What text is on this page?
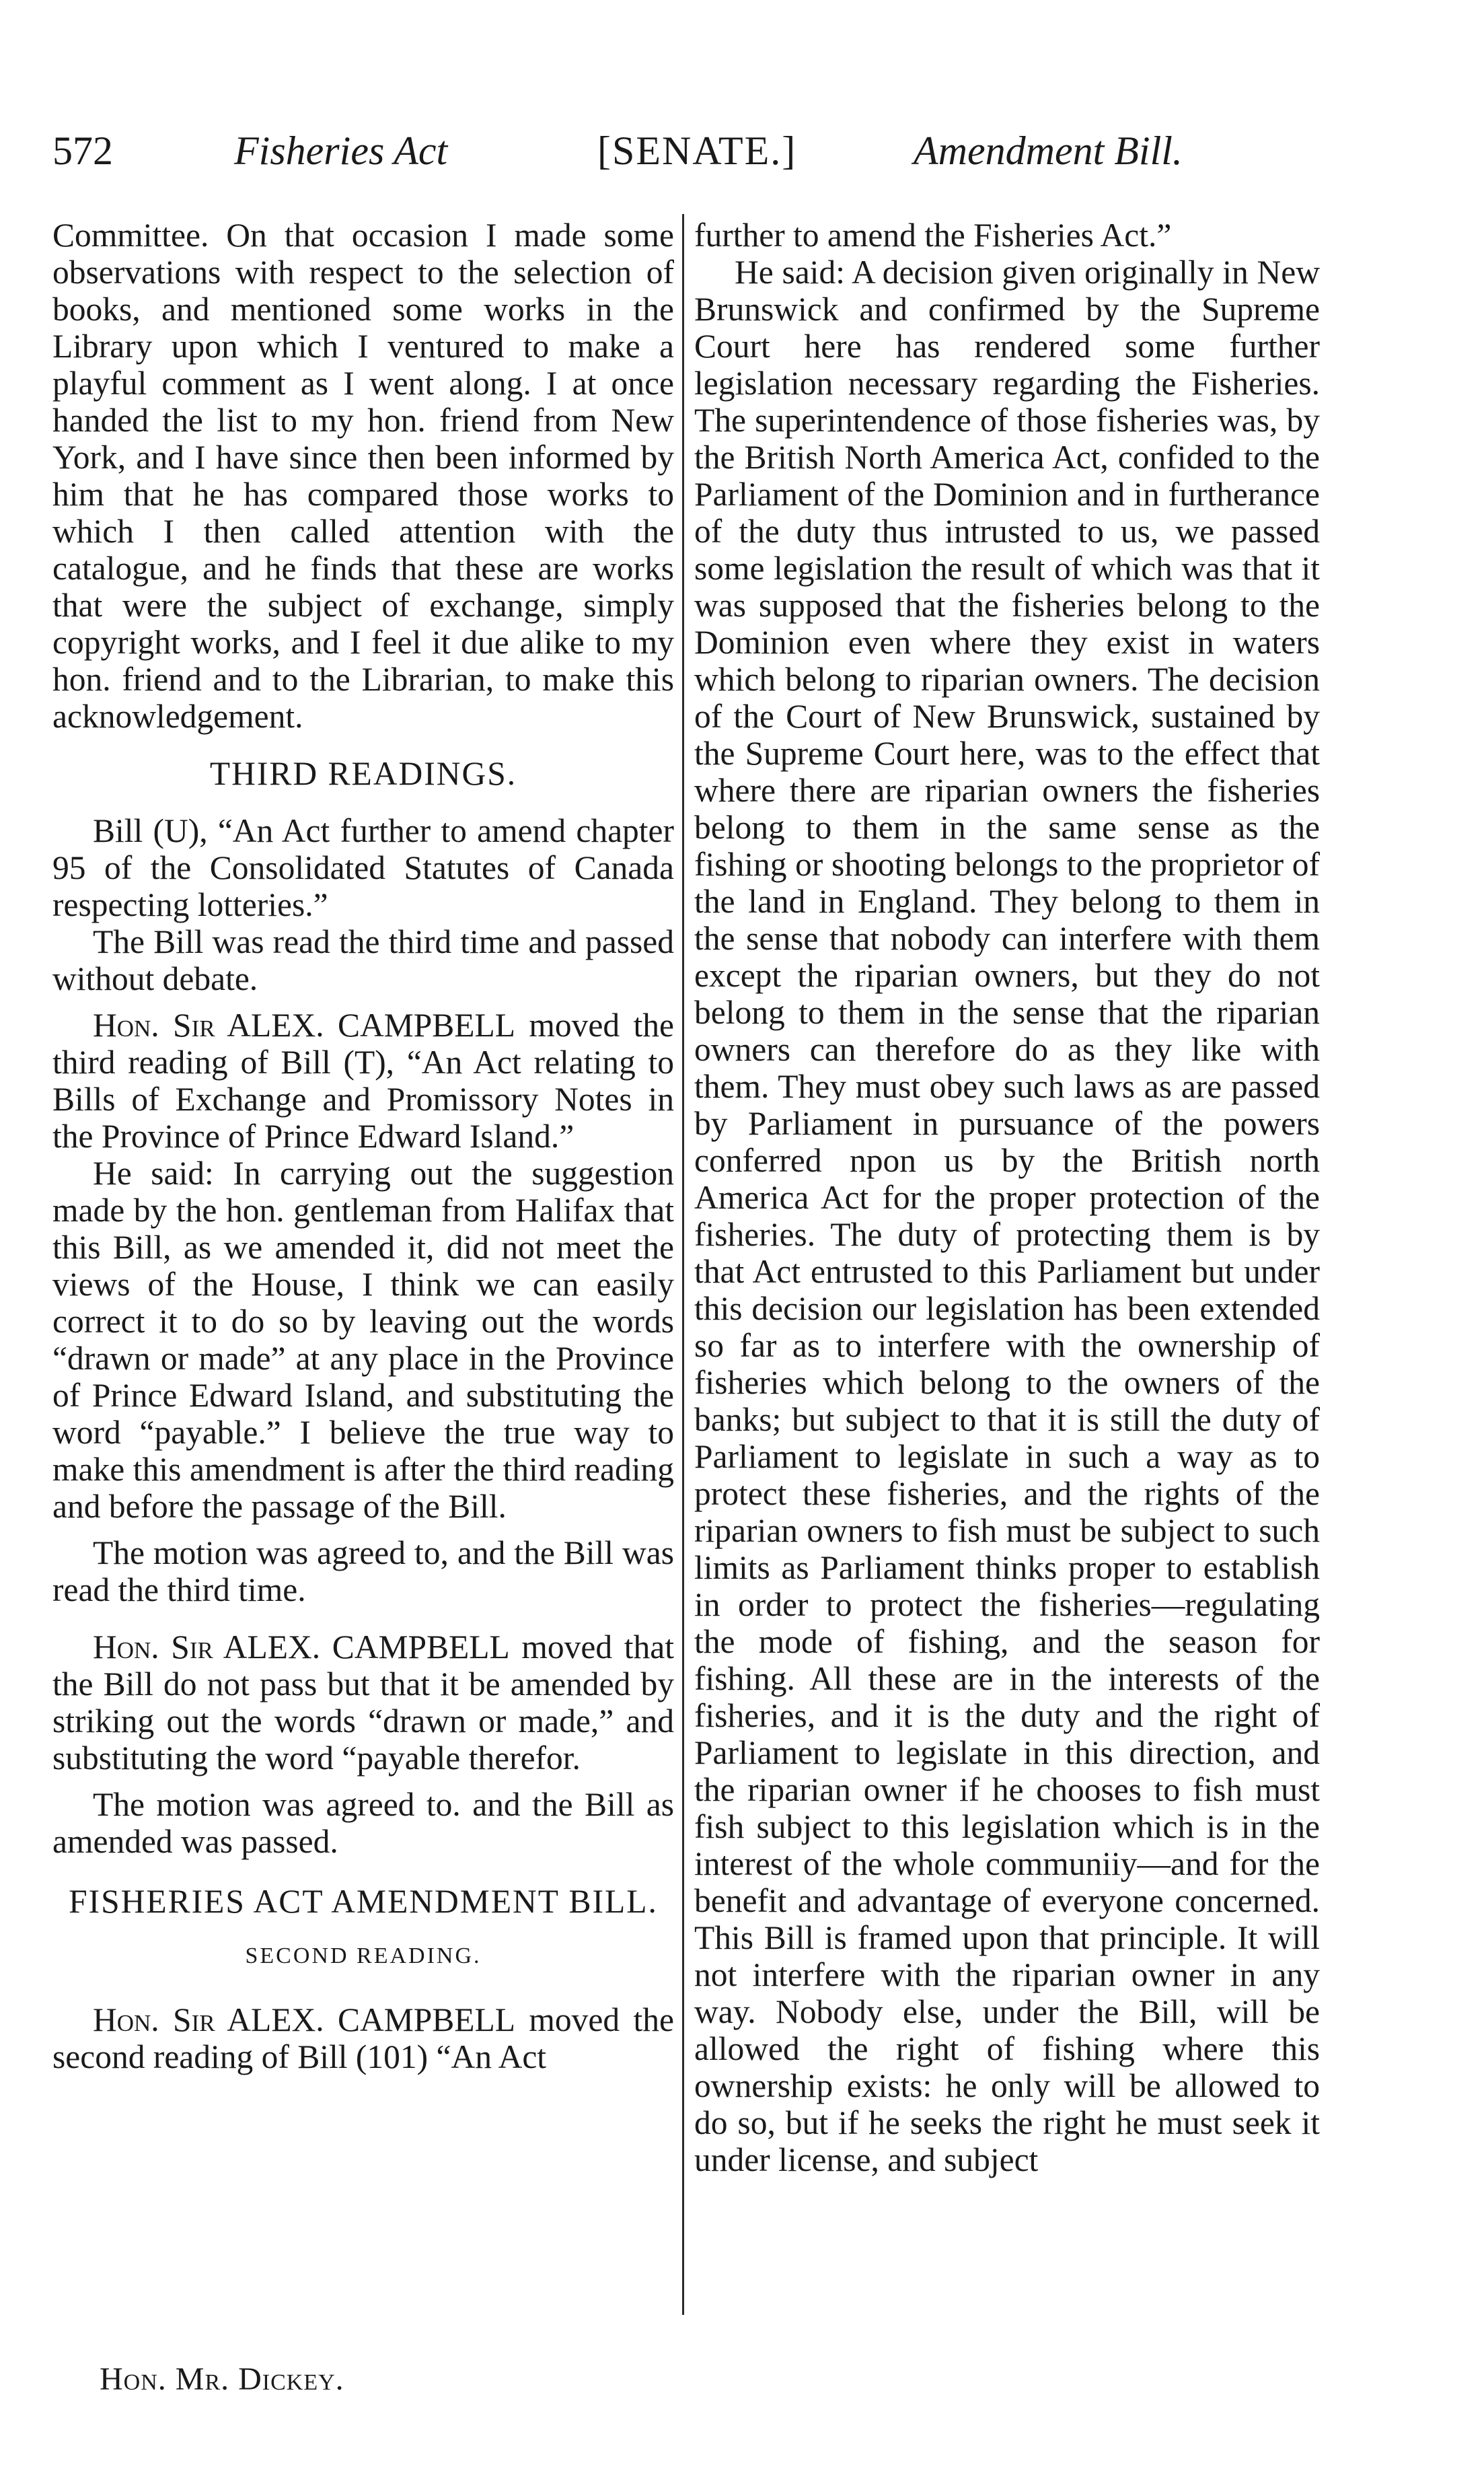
572	Fisheries Act	[SENATE.]	Amendment Bill.

Committee. On that occasion I made some observations with respect to the selection of books, and mentioned some works in the Library upon which I ventured to make a playful comment as I went along. I at once handed the list to my hon. friend from New York, and I have since then been informed by him that he has compared those works to which I then called attention with the catalogue, and he finds that these are works that were the subject of exchange, simply copyright works, and I feel it due alike to my hon. friend and to the Librarian, to make this acknowledgement.

THIRD READINGS.

Bill (U), “An Act further to amend chapter 95 of the Consolidated Statutes of Canada respecting lotteries.”

The Bill was read the third time and passed without debate.

Hon. Sir ALEX. CAMPBELL moved the third reading of Bill (T), “An Act relating to Bills of Exchange and Promissory Notes in the Province of Prince Edward Island.”

He said: In carrying out the suggestion made by the hon. gentleman from Halifax that this Bill, as we amended it, did not meet the views of the House, I think we can easily correct it to do so by leaving out the words “drawn or made” at any place in the Province of Prince Edward Island, and substituting the word “payable.” I believe the true way to make this amendment is after the third reading and before the passage of the Bill.

The motion was agreed to, and the Bill was read the third time.

Hon. Sir ALEX. CAMPBELL moved that the Bill do not pass but that it be amended by striking out the words “drawn or made,” and substituting the word “payable therefor.

The motion was agreed to. and the Bill as amended was passed.

FISHERIES ACT AMENDMENT BILL.

SECOND READING.

Hon. Sir ALEX. CAMPBELL moved the second reading of Bill (101) “An Act

further to amend the Fisheries Act.”

He said: A decision given originally in New Brunswick and confirmed by the Supreme Court here has rendered some further legislation necessary regarding the Fisheries. The superintendence of those fisheries was, by the British North America Act, confided to the Parliament of the Dominion and in furtherance of the duty thus intrusted to us, we passed some legislation the result of which was that it was supposed that the fisheries belong to the Dominion even where they exist in waters which belong to riparian owners. The decision of the Court of New Brunswick, sustained by the Supreme Court here, was to the effect that where there are riparian owners the fisheries belong to them in the same sense as the fishing or shooting belongs to the proprietor of the land in England. They belong to them in the sense that nobody can interfere with them except the riparian owners, but they do not belong to them in the sense that the riparian owners can therefore do as they like with them. They must obey such laws as are passed by Parliament in pursuance of the powers conferred npon us by the British north America Act for the proper protection of the fisheries. The duty of protecting them is by that Act entrusted to this Parliament but under this decision our legislation has been extended so far as to interfere with the ownership of fisheries which belong to the owners of the banks; but subject to that it is still the duty of Parliament to legislate in such a way as to protect these fisheries, and the rights of the riparian owners to fish must be subject to such limits as Parliament thinks proper to establish in order to protect the fisheries—regulating the mode of fishing, and the season for fishing. All these are in the interests of the fisheries, and it is the duty and the right of Parliament to legislate in this direction, and the riparian owner if he chooses to fish must fish subject to this legislation which is in the interest of the whole communiiy—and for the benefit and advantage of everyone concerned. This Bill is framed upon that principle. It will not interfere with the riparian owner in any way. Nobody else, under the Bill, will be allowed the right of fishing where this ownership exists: he only will be allowed to do so, but if he seeks the right he must seek it under license, and subject

Hon. Mr. Dickey.
